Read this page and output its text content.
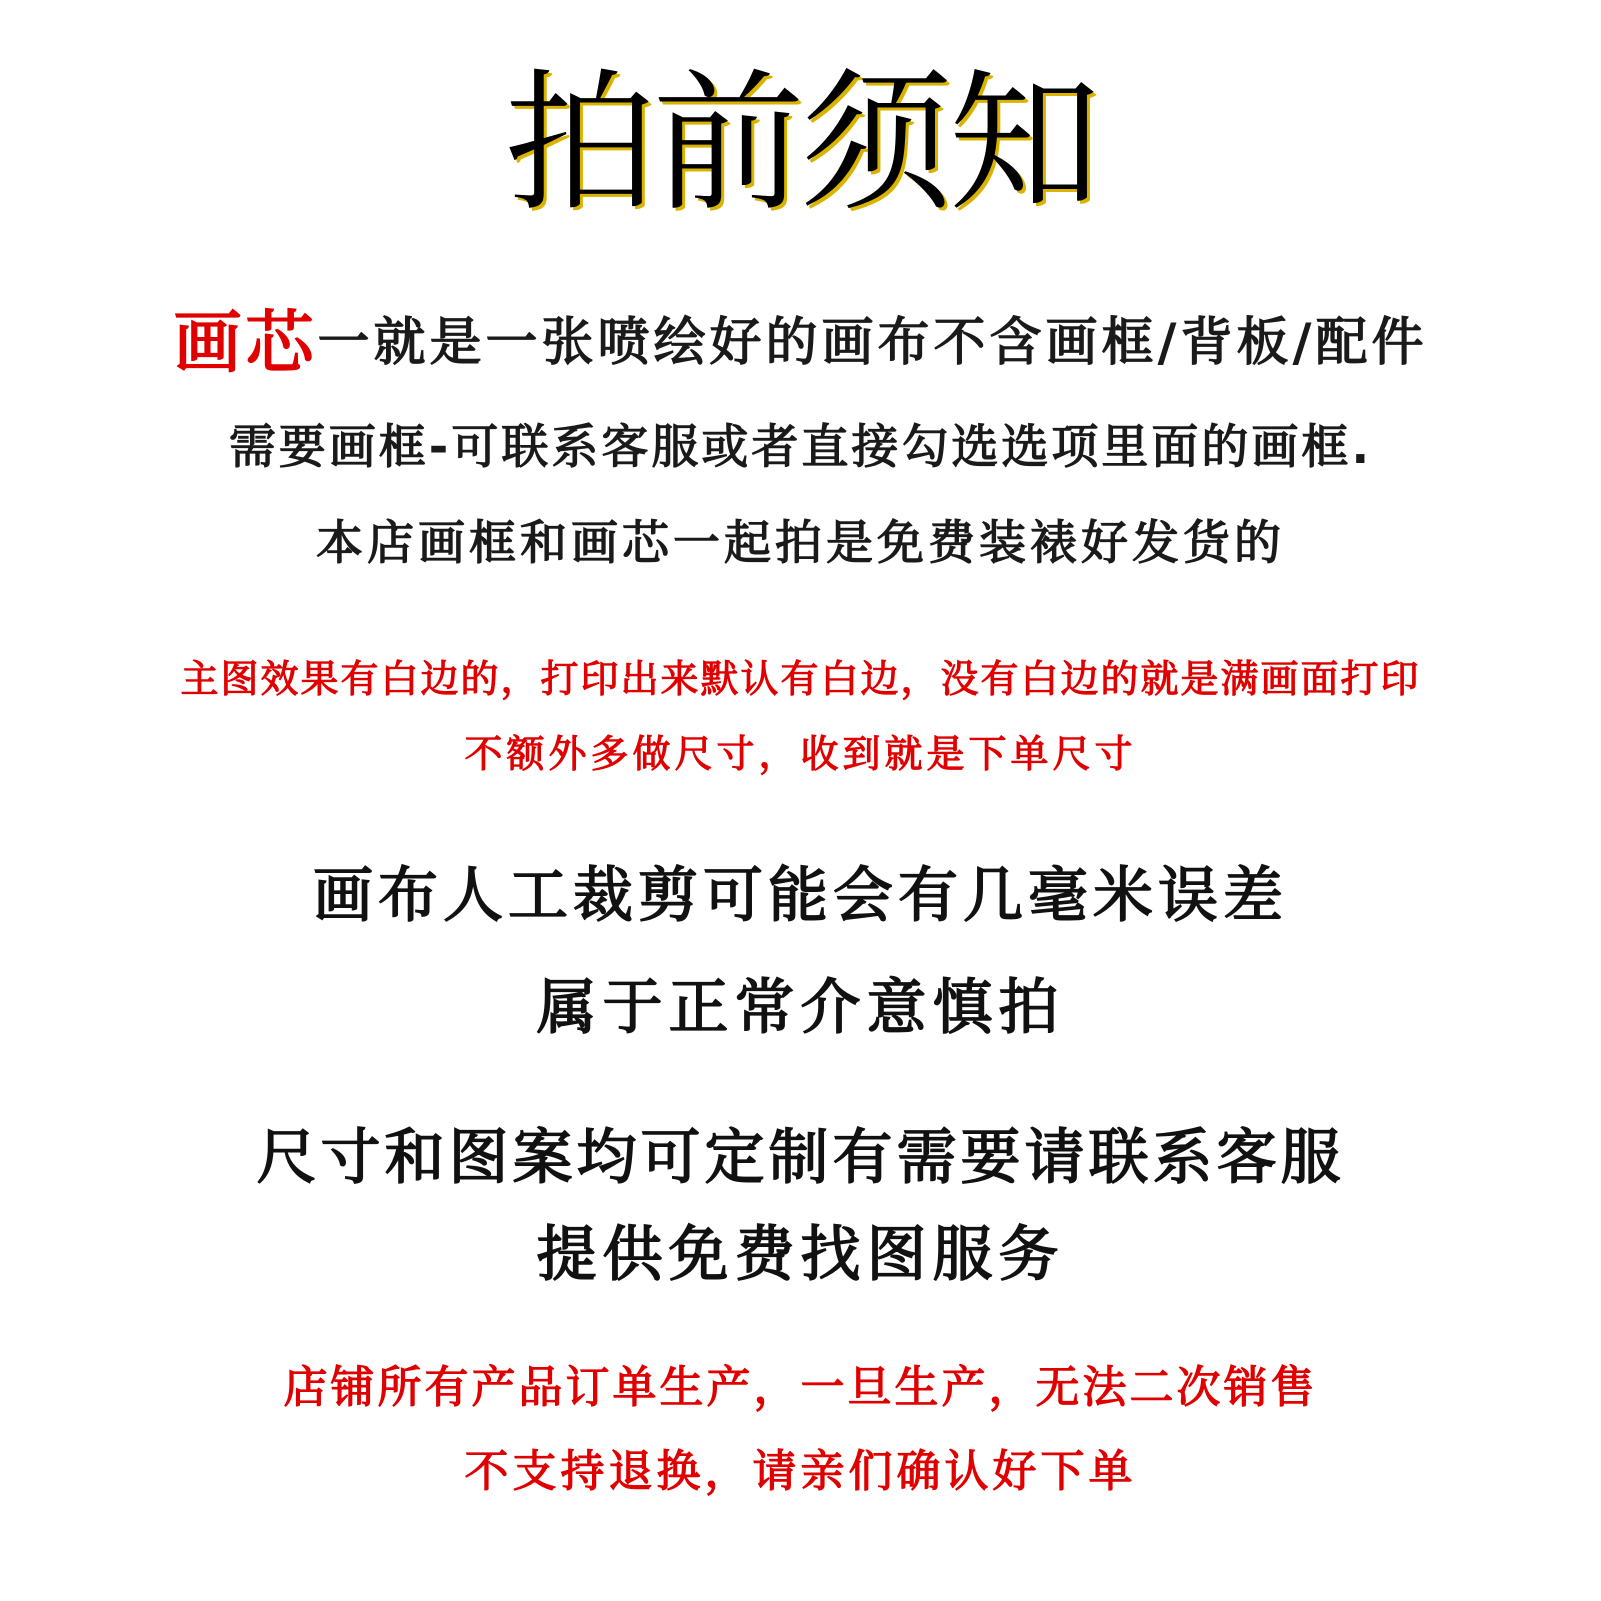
拍前须知
画芯一就是一张喷绘好的画布不含画框/背板/配件
需要画框-可联系客服或者直接勾选选项里面的画框.
本店画框和画芯一起拍是免费装裱好发货的
主图效果有白边的，打印出来默认有白边，没有白边的就是满画面打印
不额外多做尺寸，收到就是下单尺寸
画布人工裁剪可能会有几毫米误差
属于正常介意慎拍
尺寸和图案均可定制有需要请联系客服
提供免费找图服务
店铺所有产品订单生产，一旦生产，无法二次销售
不支持退换，请亲们确认好下单
